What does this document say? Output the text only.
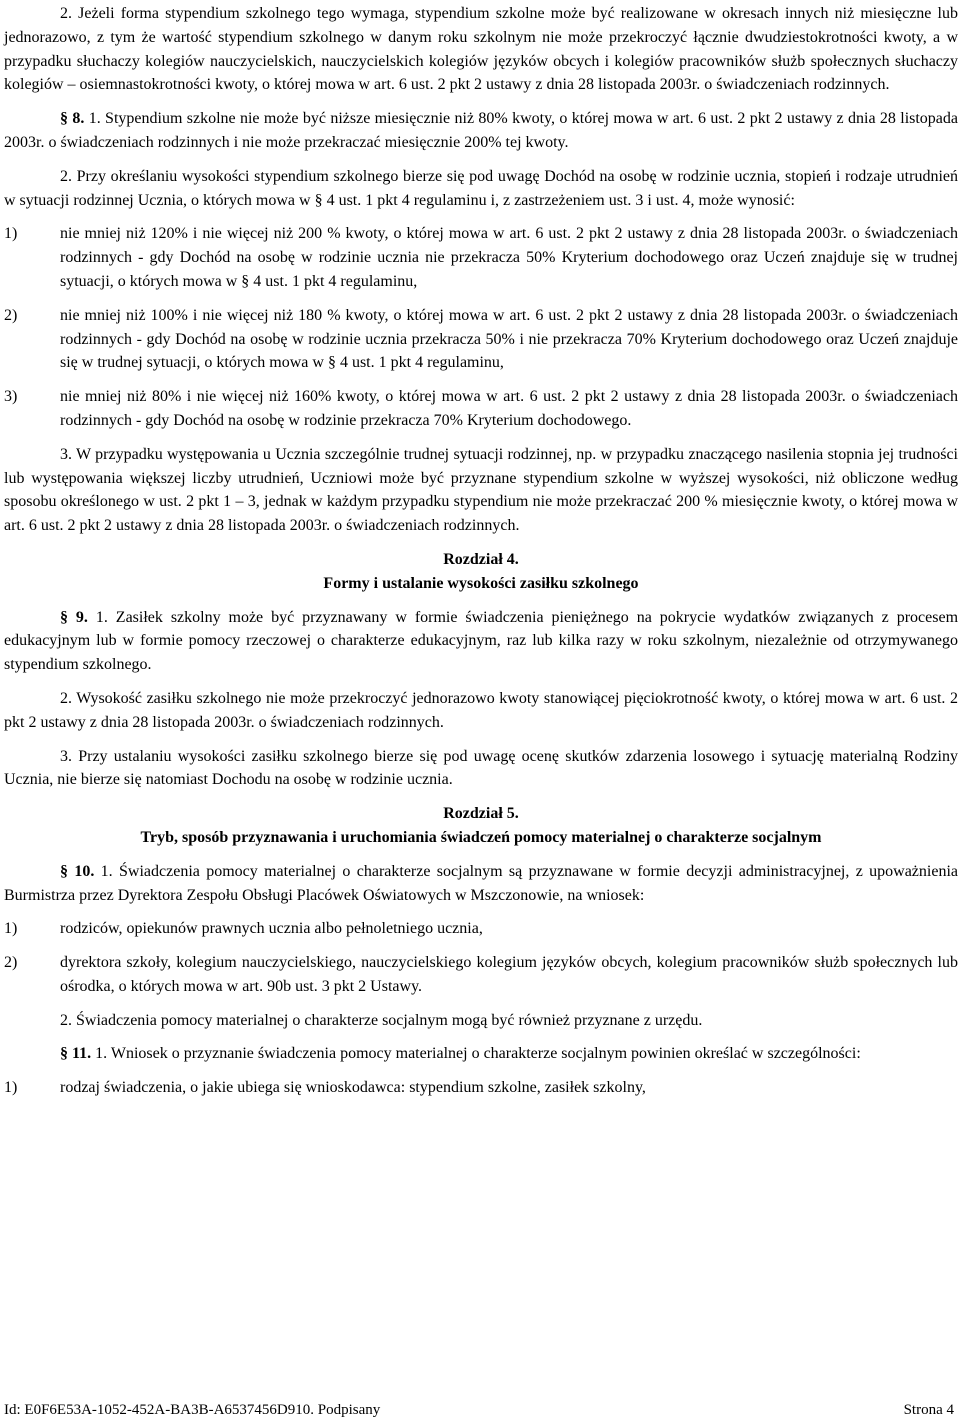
2. Jeżeli forma stypendium szkolnego tego wymaga, stypendium szkolne może być realizowane w okresach innych niż miesięczne lub jednorazowo, z tym że wartość stypendium szkolnego w danym roku szkolnym nie może przekroczyć łącznie dwudziestokrotności kwoty, a w przypadku słuchaczy kolegiów nauczycielskich, nauczycielskich kolegiów języków obcych i kolegiów pracowników służb społecznych słuchaczy kolegiów – osiemnastokrotności kwoty, o której mowa w art. 6 ust. 2 pkt 2 ustawy z dnia 28 listopada 2003r. o świadczeniach rodzinnych.

§ 8. 1. Stypendium szkolne nie może być niższe miesięcznie niż 80% kwoty, o której mowa w art. 6 ust. 2 pkt 2 ustawy z dnia 28 listopada 2003r. o świadczeniach rodzinnych i nie może przekraczać miesięcznie 200% tej kwoty.

2. Przy określaniu wysokości stypendium szkolnego bierze się pod uwagę Dochód na osobę w rodzinie ucznia, stopień i rodzaje utrudnień w sytuacji rodzinnej Ucznia, o których mowa w § 4 ust. 1 pkt 4 regulaminu i, z zastrzeżeniem ust. 3 i ust. 4, może wynosić:

1)	nie mniej niż 120% i nie więcej niż 200 % kwoty, o której mowa w art. 6 ust. 2 pkt 2 ustawy z dnia 28 listopada 2003r. o świadczeniach rodzinnych - gdy Dochód na osobę w rodzinie ucznia nie przekracza 50% Kryterium dochodowego oraz Uczeń znajduje się w trudnej sytuacji, o których mowa w § 4 ust. 1 pkt 4 regulaminu,
2)	nie mniej niż 100% i nie więcej niż 180 % kwoty, o której mowa w art. 6 ust. 2 pkt 2 ustawy z dnia 28 listopada 2003r. o świadczeniach rodzinnych - gdy Dochód na osobę w rodzinie ucznia przekracza 50% i nie przekracza 70% Kryterium dochodowego oraz Uczeń znajduje się w trudnej sytuacji, o których mowa w § 4 ust. 1 pkt 4 regulaminu,
3)	nie mniej niż 80% i nie więcej niż 160% kwoty, o której mowa w art. 6 ust. 2 pkt 2 ustawy z dnia 28 listopada 2003r. o świadczeniach rodzinnych - gdy Dochód na osobę w rodzinie przekracza 70% Kryterium dochodowego.

3. W przypadku występowania u Ucznia szczególnie trudnej sytuacji rodzinnej, np. w przypadku znaczącego nasilenia stopnia jej trudności lub występowania większej liczby utrudnień, Uczniowi może być przyznane stypendium szkolne w wyższej wysokości, niż obliczone według sposobu określonego w ust. 2 pkt 1 – 3, jednak w każdym przypadku stypendium nie może przekraczać 200 % miesięcznie kwoty, o której mowa w art. 6 ust. 2 pkt 2 ustawy z dnia 28 listopada 2003r. o świadczeniach rodzinnych.

Rozdział 4.

Formy i ustalanie wysokości zasiłku szkolnego

§ 9. 1. Zasiłek szkolny może być przyznawany w formie świadczenia pieniężnego na pokrycie wydatków związanych z procesem edukacyjnym lub w formie pomocy rzeczowej o charakterze edukacyjnym, raz lub kilka razy w roku szkolnym, niezależnie od otrzymywanego stypendium szkolnego.

2. Wysokość zasiłku szkolnego nie może przekroczyć jednorazowo kwoty stanowiącej pięciokrotność kwoty, o której mowa w art. 6 ust. 2 pkt 2 ustawy z dnia 28 listopada 2003r. o świadczeniach rodzinnych.

3. Przy ustalaniu wysokości zasiłku szkolnego bierze się pod uwagę ocenę skutków zdarzenia losowego i sytuację materialną Rodziny Ucznia, nie bierze się natomiast Dochodu na osobę w rodzinie ucznia.

Rozdział 5.

Tryb, sposób przyznawania i uruchomiania świadczeń pomocy materialnej o charakterze socjalnym

§ 10. 1. Świadczenia pomocy materialnej o charakterze socjalnym są przyznawane w formie decyzji administracyjnej, z upoważnienia Burmistrza przez Dyrektora Zespołu Obsługi Placówek Oświatowych w Mszczonowie, na wniosek:

1)	rodziców, opiekunów prawnych ucznia albo pełnoletniego ucznia,
2)	dyrektora szkoły, kolegium nauczycielskiego, nauczycielskiego kolegium języków obcych, kolegium pracowników służb społecznych lub ośrodka, o których mowa w art. 90b ust. 3 pkt 2 Ustawy.

2. Świadczenia pomocy materialnej o charakterze socjalnym mogą być również przyznane z urzędu.

§ 11. 1. Wniosek o przyznanie świadczenia pomocy materialnej o charakterze socjalnym powinien określać w szczególności:

1)	rodzaj świadczenia, o jakie ubiega się wnioskodawca: stypendium szkolne, zasiłek szkolny,
Id: E0F6E53A-1052-452A-BA3B-A6537456D910. Podpisany	Strona 4
